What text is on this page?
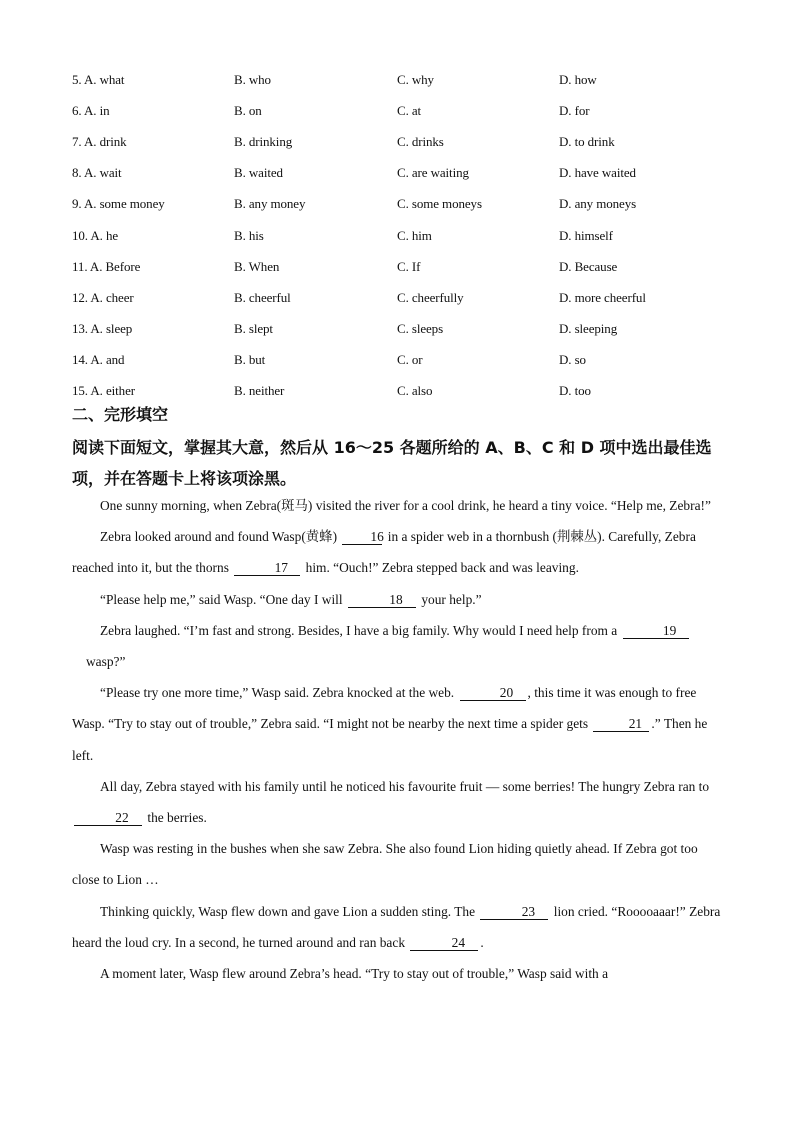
5. A. what	B. who	C. why	D. how
6. A. in	B. on	C. at	D. for
7. A. drink	B. drinking	C. drinks	D. to drink
8. A. wait	B. waited	C. are waiting	D. have waited
9. A. some money	B. any money	C. some moneys	D. any moneys
10. A. he	B. his	C. him	D. himself
11. A. Before	B. When	C. If	D. Because
12. A. cheer	B. cheerful	C. cheerfully	D. more cheerful
13. A. sleep	B. slept	C. sleeps	D. sleeping
14. A. and	B. but	C. or	D. so
15. A. either	B. neither	C. also	D. too
二、完形填空
阅读下面短文，掌握其大意，然后从 16～25 各题所给的 A、B、C 和 D 项中选出最佳选项，并在答题卡上将该项涂黑。

One sunny morning, when Zebra(斑马) visited the river for a cool drink, he heard a tiny voice. “Help me, Zebra!”

Zebra looked around and found Wasp(黄蜂) 16 in a spider web in a thornbush (荆棘丛). Carefully, Zebra reached into it, but the thorns	17 him. “Ouch!” Zebra stepped back and was leaving.

“Please help me,” said Wasp. “One day I will	18 your help.”

Zebra laughed. “I’m fast and strong. Besides, I have a big family. Why would I need help from a	19

wasp?”

“Please try one more time,” Wasp said. Zebra knocked at the web.	20 , this time it was enough to free Wasp. “Try to stay out of trouble,” Zebra said. “I might not be nearby the next time a spider gets	21 .” Then he left.

All day, Zebra stayed with his family until he noticed his favourite fruit — some berries! The hungry Zebra ran to 22 the berries.

Wasp was resting in the bushes when she saw Zebra. She also found Lion hiding quietly ahead. If Zebra got too close to Lion …

Thinking quickly, Wasp flew down and gave Lion a sudden sting. The	23 lion cried. “Rooooaaar!” Zebra heard the loud cry. In a second, he turned around and ran back	24 .

A moment later, Wasp flew around Zebra’s head. “Try to stay out of trouble,” Wasp said with a
